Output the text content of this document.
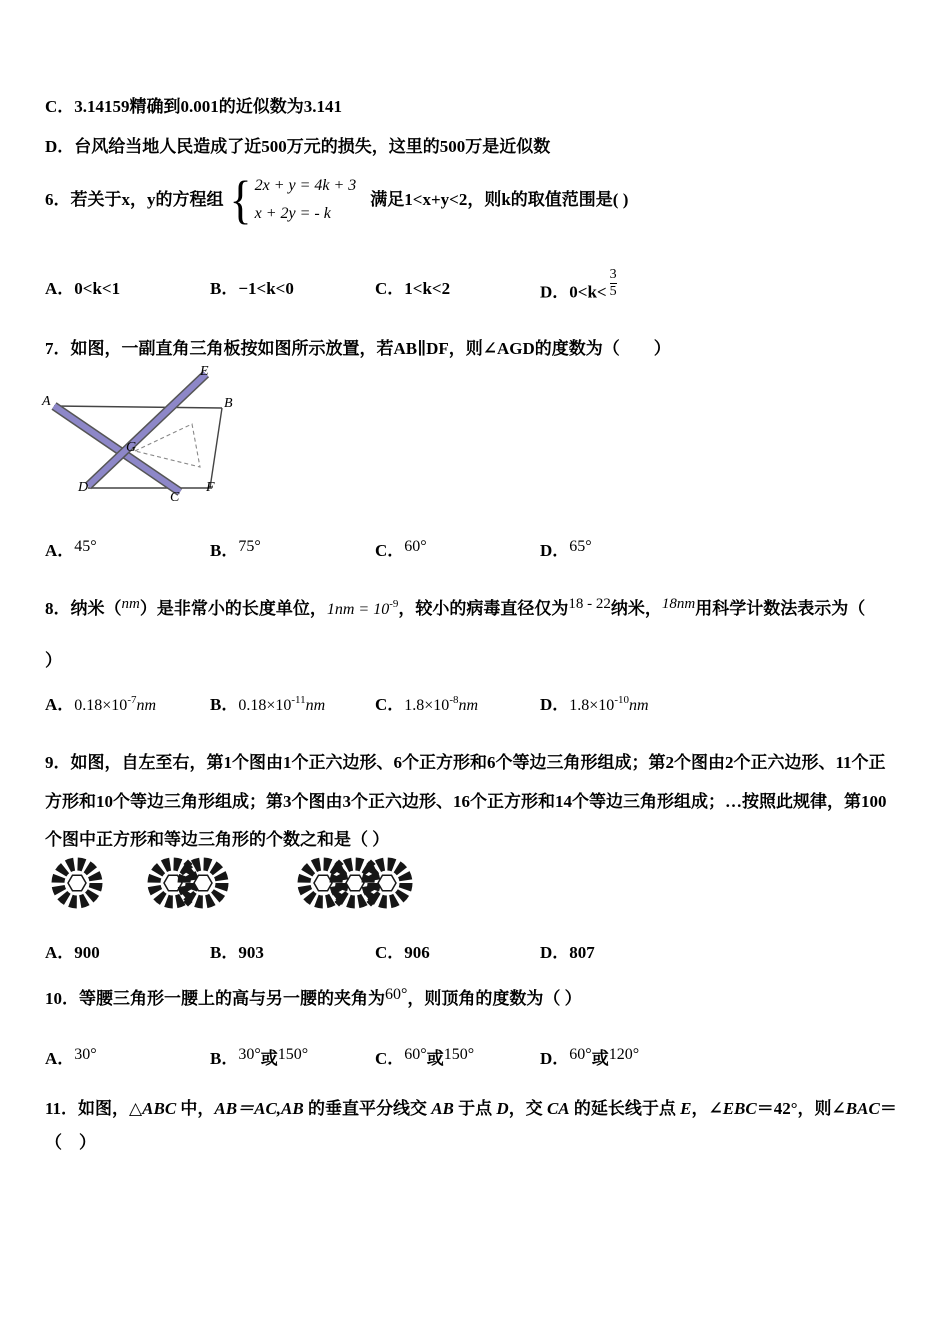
C．3.14159精确到0.001的近似数为3.141
D．台风给当地人民造成了近500万元的损失，这里的500万是近似数
6．若关于x，y的方程组 { 2x + y = 4k + 3
x + 2y = - k
满足1<x+y<2，则k的取值范围是( )
A．0<k<1	B．−1<k<0	C．1<k<2	D．$0<k< \frac{3}{5}$
7．如图，一副直角三角板按如图所示放置，若AB∥DF，则∠AGD的度数为（　　）
E
A	B
G
D
C
F
A．45°	B．75°	C．60°	D．65°
8．纳米（nm）是非常小的长度单位，$1nm = 10^{-9}$，较小的病毒直径仅为18 - 22纳米，18nm用科学计数法表示为（
）
A．$0.18\times 10^{-7}nm$	B．$0.18\times 10^{-11}nm$	C．$1.8\times 10^{-8}nm$	D．$1.8\times 10^{-10}nm$
9．如图，自左至右，第1个图由1个正六边形、6个正方形和6个等边三角形组成；第2个图由2个正六边形、11个正
方形和10个等边三角形组成；第3个图由3个正六边形、16个正方形和14个等边三角形组成；…按照此规律，第100
个图中正方形和等边三角形的个数之和是（ ）
A．900	B．903	C．906	D．807
10．等腰三角形一腰上的高与另一腰的夹角为60°，则顶角的度数为（ ）
A．30°	B．30°或150°	C．60°或150°	D．60°或120°
11．如图，△ABC 中，AB＝AC,AB 的垂直平分线交 AB 于点 D，交 CA 的延长线于点 E，∠EBC＝42°，则∠BAC＝
（　）
